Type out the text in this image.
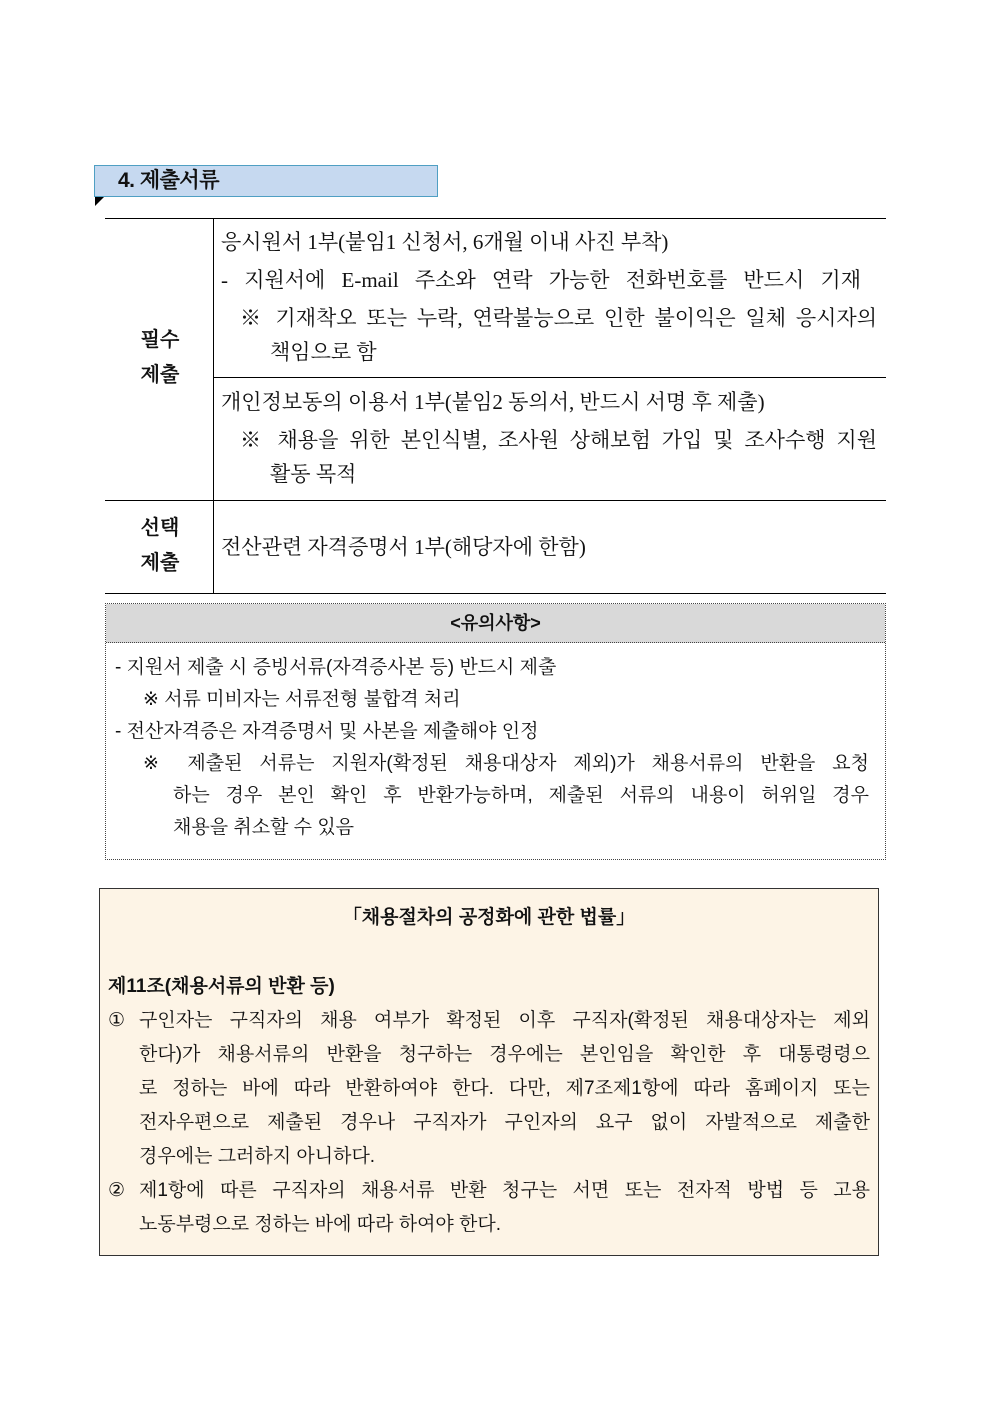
4. 제출서류
필수
제출
선택
제출
응시원서 1부(붙임1 신청서, 6개월 이내 사진 부착)
- 지원서에 E-mail 주소와 연락 가능한 전화번호를 반드시 기재
※ 기재착오 또는 누락, 연락불능으로 인한 불이익은 일체 응시자의
책임으로 함
개인정보동의 이용서 1부(붙임2 동의서, 반드시 서명 후 제출)
※ 채용을 위한 본인식별, 조사원 상해보험 가입 및 조사수행 지원
활동 목적
전산관련 자격증명서 1부(해당자에 한함)
<유의사항>
- 지원서 제출 시 증빙서류(자격증사본 등) 반드시 제출
※ 서류 미비자는 서류전형 불합격 처리
- 전산자격증은 자격증명서 및 사본을 제출해야 인정
※ 제출된 서류는 지원자(확정된 채용대상자 제외)가 채용서류의 반환을 요청
하는 경우 본인 확인 후 반환가능하며, 제출된 서류의 내용이 허위일 경우
채용을 취소할 수 있음
「채용절차의 공정화에 관한 법률」
제11조(채용서류의 반환 등)
① 구인자는 구직자의 채용 여부가 확정된 이후 구직자(확정된 채용대상자는 제외
한다)가 채용서류의 반환을 청구하는 경우에는 본인임을 확인한 후 대통령령으
로 정하는 바에 따라 반환하여야 한다. 다만, 제7조제1항에 따라 홈페이지 또는
전자우편으로 제출된 경우나 구직자가 구인자의 요구 없이 자발적으로 제출한
경우에는 그러하지 아니하다.
② 제1항에 따른 구직자의 채용서류 반환 청구는 서면 또는 전자적 방법 등 고용
노동부령으로 정하는 바에 따라 하여야 한다.
